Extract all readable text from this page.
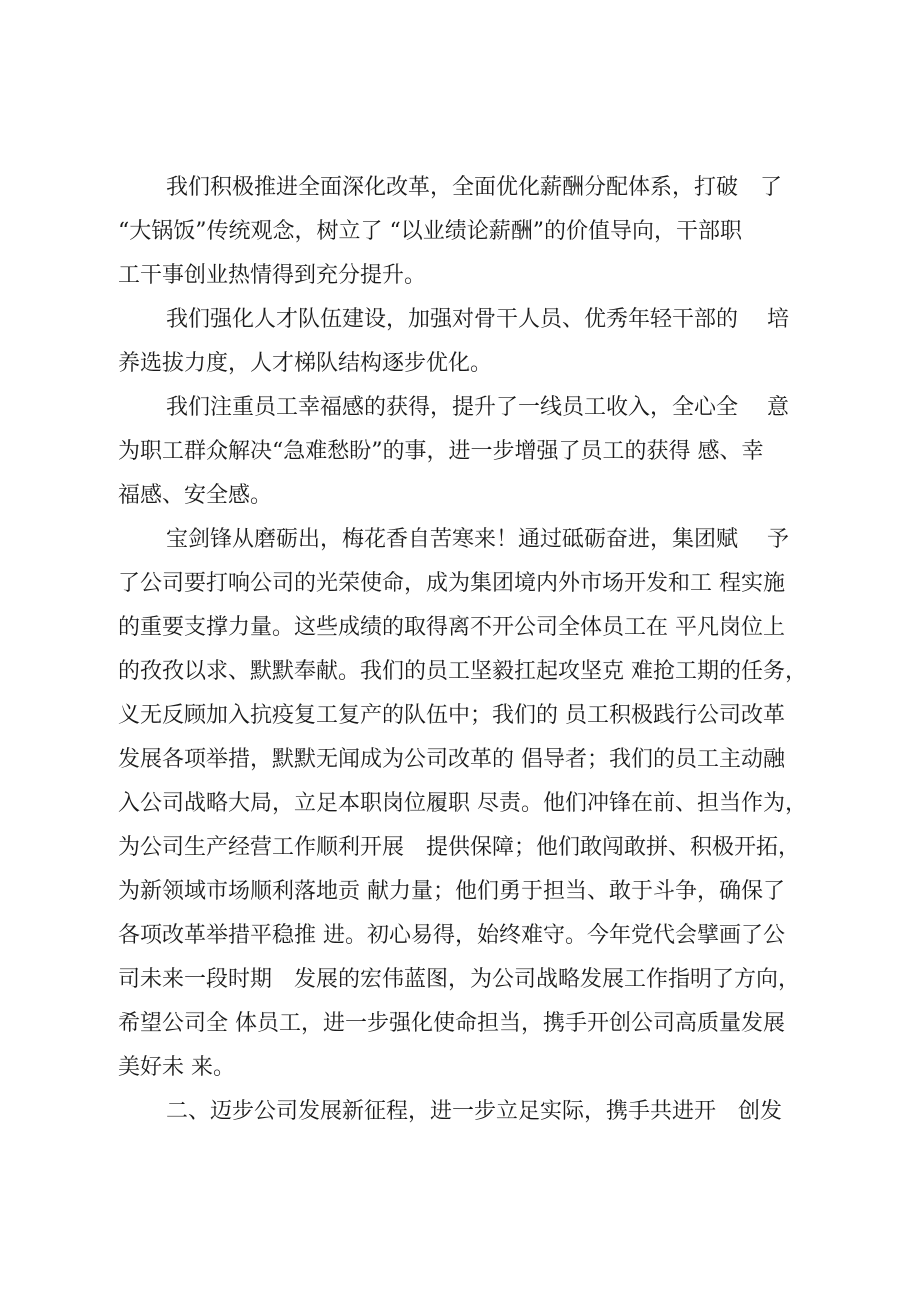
我们积极推进全面深化改革，全面优化薪酬分配体系，打破　了
“大锅饭”传统观念，树立了 “以业绩论薪酬”的价值导向，干部职
工干事创业热情得到充分提升。
我们强化人才队伍建设，加强对骨干人员、优秀年轻干部的　 培
养选拔力度，人才梯队结构逐步优化。
我们注重员工幸福感的获得，提升了一线员工收入，全心全　 意
为职工群众解决“急难愁盼”的事，进一步增强了员工的获得 感、幸
福感、安全感。
宝剑锋从磨砺出，梅花香自苦寒来！通过砥砺奋进，集团赋　 予
了公司要打响公司的光荣使命，成为集团境内外市场开发和工 程实施
的重要支撑力量。这些成绩的取得离不开公司全体员工在 平凡岗位上
的孜孜以求、默默奉献。我们的员工坚毅扛起攻坚克 难抢工期的任务，
义无反顾加入抗疫复工复产的队伍中；我们的 员工积极践行公司改革
发展各项举措，默默无闻成为公司改革的 倡导者；我们的员工主动融
入公司战略大局，立足本职岗位履职 尽责。他们冲锋在前、担当作为，
为公司生产经营工作顺利开展　提供保障；他们敢闯敢拼、积极开拓，
为新领域市场顺利落地贡 献力量；他们勇于担当、敢于斗争，确保了
各项改革举措平稳推 进。初心易得，始终难守。今年党代会擘画了公
司未来一段时期　发展的宏伟蓝图，为公司战略发展工作指明了方向，
希望公司全 体员工，进一步强化使命担当，携手开创公司高质量发展
美好未 来。
二、迈步公司发展新征程，进一步立足实际，携手共进开　创发
